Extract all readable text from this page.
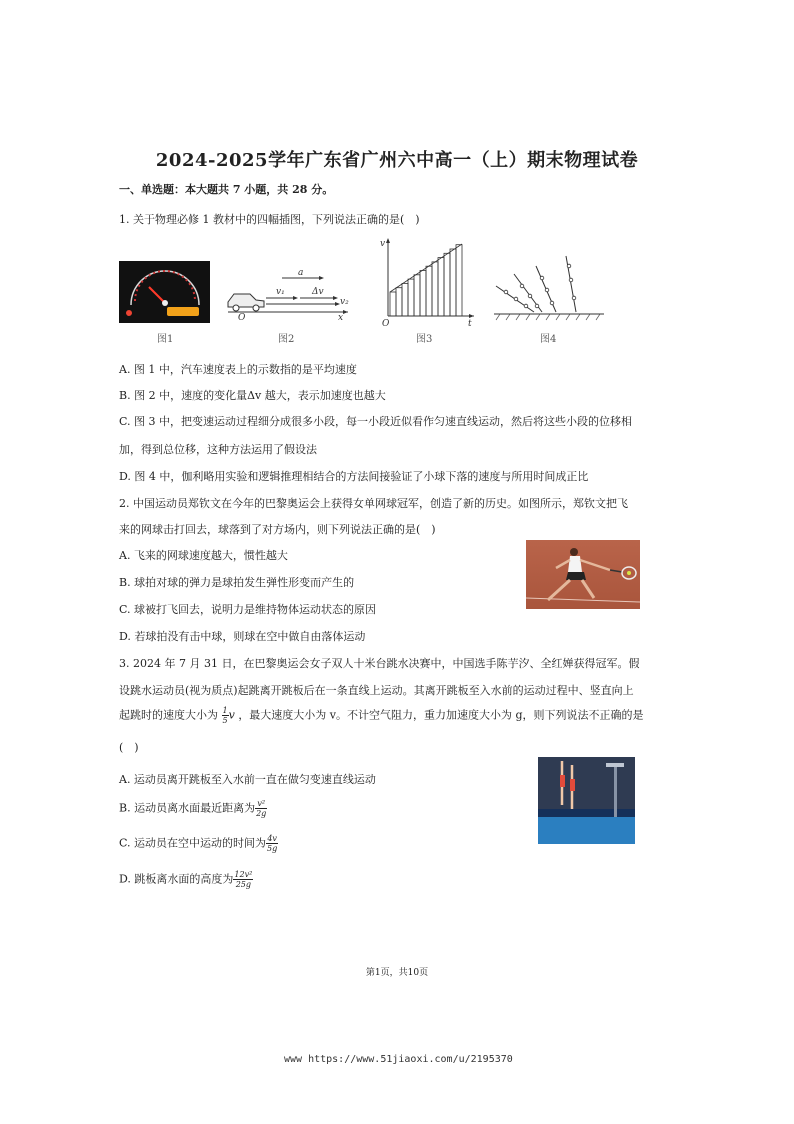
2024-2025学年广东省广州六中高一（上）期末物理试卷
一、单选题：本大题共 7 小题，共 28 分。
1. 关于物理必修 1 教材中的四幅插图，下列说法正确的是(　)
图1
a
v₁	Δv
v₂
O	x
图2
v
O	t
图3	图4
A. 图 1 中，汽车速度表上的示数指的是平均速度
B. 图 2 中，速度的变化量Δv 越大，表示加速度也越大
C. 图 3 中，把变速运动过程细分成很多小段，每一小段近似看作匀速直线运动，然后将这些小段的位移相
加，得到总位移，这种方法运用了假设法
D. 图 4 中，伽利略用实验和逻辑推理相结合的方法间接验证了小球下落的速度与所用时间成正比
2. 中国运动员郑钦文在今年的巴黎奥运会上获得女单网球冠军，创造了新的历史。如图所示，郑钦文把飞
来的网球击打回去，球落到了对方场内，则下列说法正确的是(　)
A. 飞来的网球速度越大，惯性越大
B. 球拍对球的弹力是球拍发生弹性形变而产生的
C. 球被打飞回去，说明力是维持物体运动状态的原因
D. 若球拍没有击中球，则球在空中做自由落体运动
3. 2024 年 7 月 31 日，在巴黎奥运会女子双人十米台跳水决赛中，中国选手陈芋汐、全红婵获得冠军。假
设跳水运动员(视为质点)起跳离开跳板后在一条直线上运动。其离开跳板至入水前的运动过程中、竖直向上
起跳时的速度大小为 $\frac{1}{5}$ v ，最大速度大小为 v。不计空气阻力，重力加速度大小为 g，则下列说法不正确的是
(　)
A. 运动员离开跳板至入水前一直在做匀变速直线运动
B. 运动员离水面最近距离为 $\frac{\text{v²}}{2g}$
C. 运动员在空中运动的时间为 $\frac{4v}{5g}$
D. 跳板离水面的高度为 $\frac{\text{12v²}}{25g}$
第1页，共10页
www https://www.51jiaoxi.com/u/2195370
